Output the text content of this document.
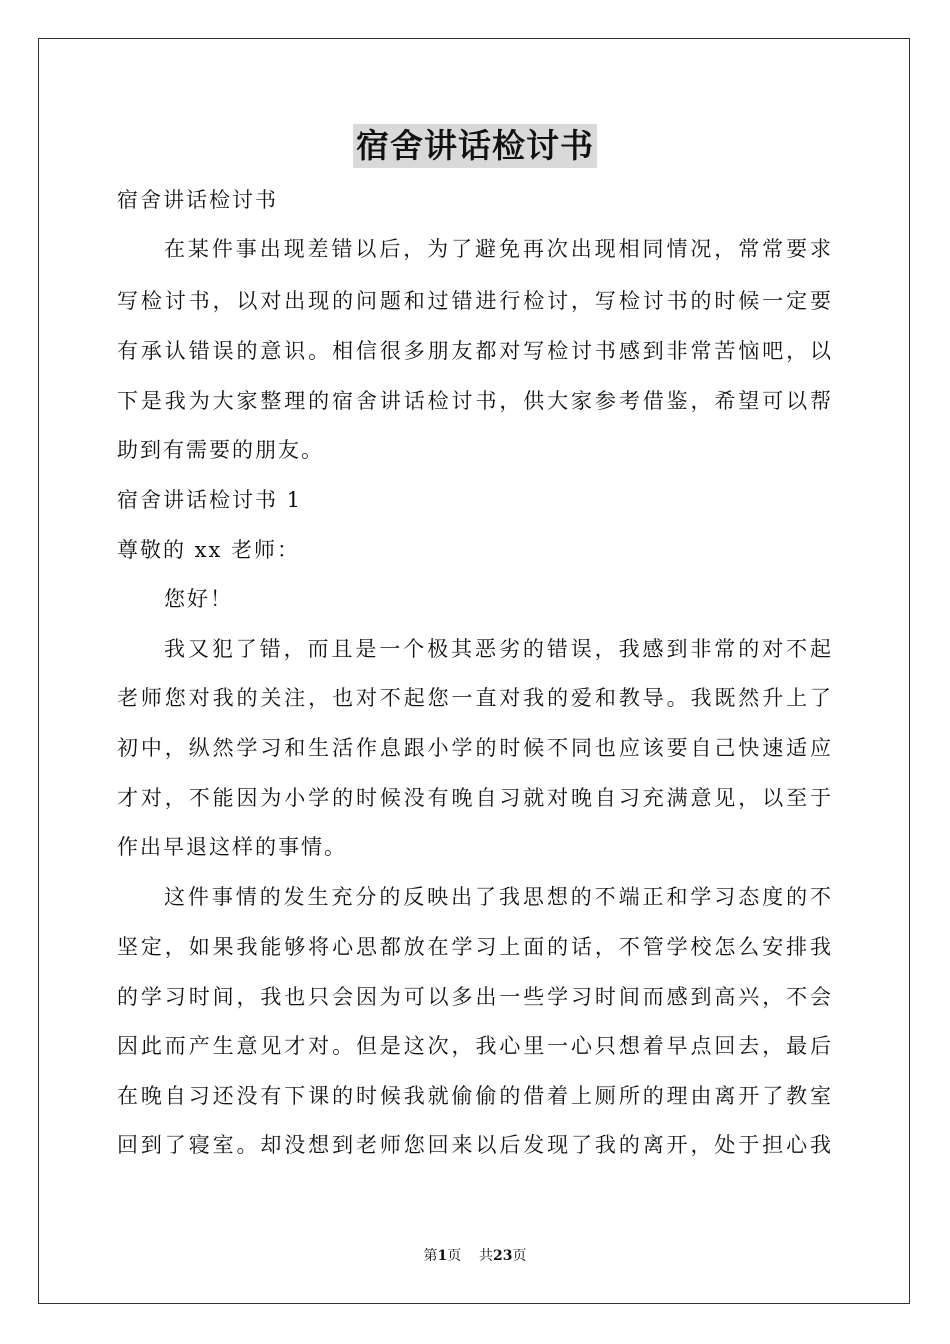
宿舍讲话检讨书
宿舍讲话检讨书
在某件事出现差错以后，为了避免再次出现相同情况，常常要求
写检讨书，以对出现的问题和过错进行检讨，写检讨书的时候一定要
有承认错误的意识。相信很多朋友都对写检讨书感到非常苦恼吧，以
下是我为大家整理的宿舍讲话检讨书，供大家参考借鉴，希望可以帮
助到有需要的朋友。
宿舍讲话检讨书 1
尊敬的 xx 老师：
您好！
我又犯了错，而且是一个极其恶劣的错误，我感到非常的对不起
老师您对我的关注，也对不起您一直对我的爱和教导。我既然升上了
初中，纵然学习和生活作息跟小学的时候不同也应该要自己快速适应
才对，不能因为小学的时候没有晚自习就对晚自习充满意见，以至于
作出早退这样的事情。
这件事情的发生充分的反映出了我思想的不端正和学习态度的不
坚定，如果我能够将心思都放在学习上面的话，不管学校怎么安排我
的学习时间，我也只会因为可以多出一些学习时间而感到高兴，不会
因此而产生意见才对。但是这次，我心里一心只想着早点回去，最后
在晚自习还没有下课的时候我就偷偷的借着上厕所的理由离开了教室
回到了寝室。却没想到老师您回来以后发现了我的离开，处于担心我
第1页 共23页
